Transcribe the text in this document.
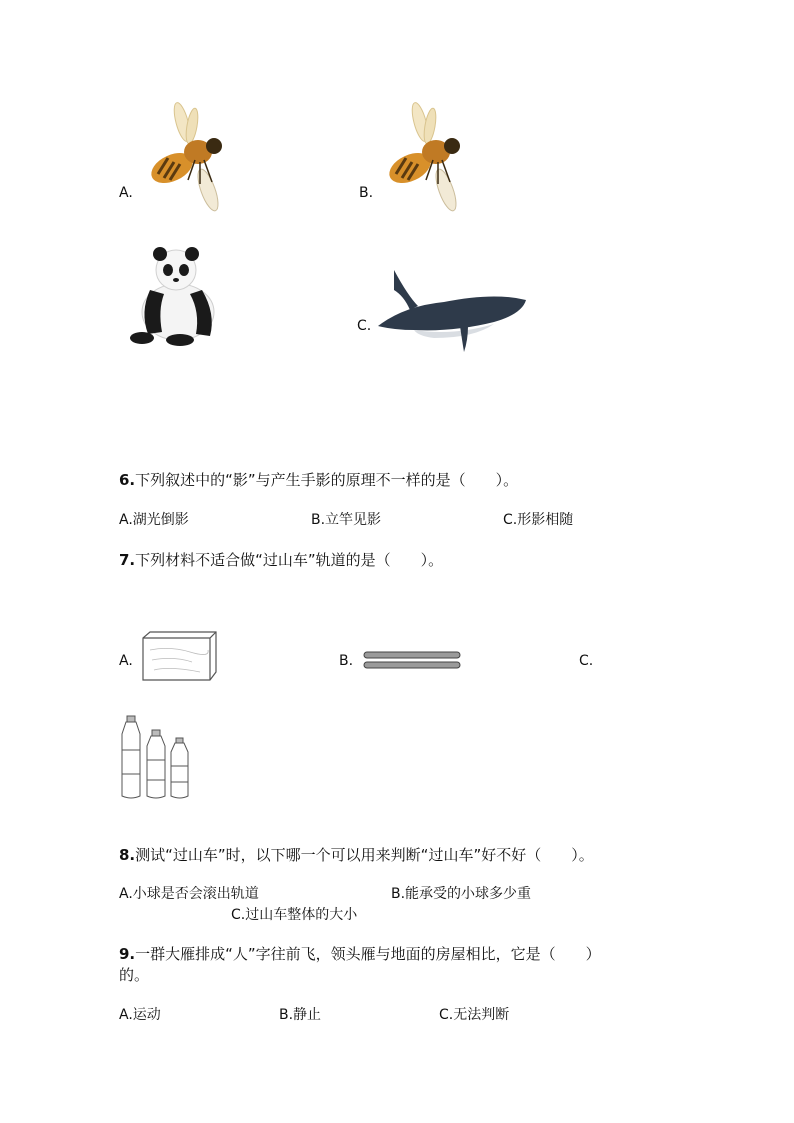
A.	B.
C.
6.下列叙述中的“影”与产生手影的原理不一样的是（　　）。
A.湖光倒影	B.立竿见影	C.形影相随
7.下列材料不适合做“过山车”轨道的是（　　）。
A.	B.	C.
8.测试“过山车”时，以下哪一个可以用来判断“过山车”好不好（　　）。
A.小球是否会滚出轨道	B.能承受的小球多少重
C.过山车整体的大小
9.一群大雁排成“人”字往前飞，领头雁与地面的房屋相比，它是（　　）
的。
A.运动	B.静止	C.无法判断
